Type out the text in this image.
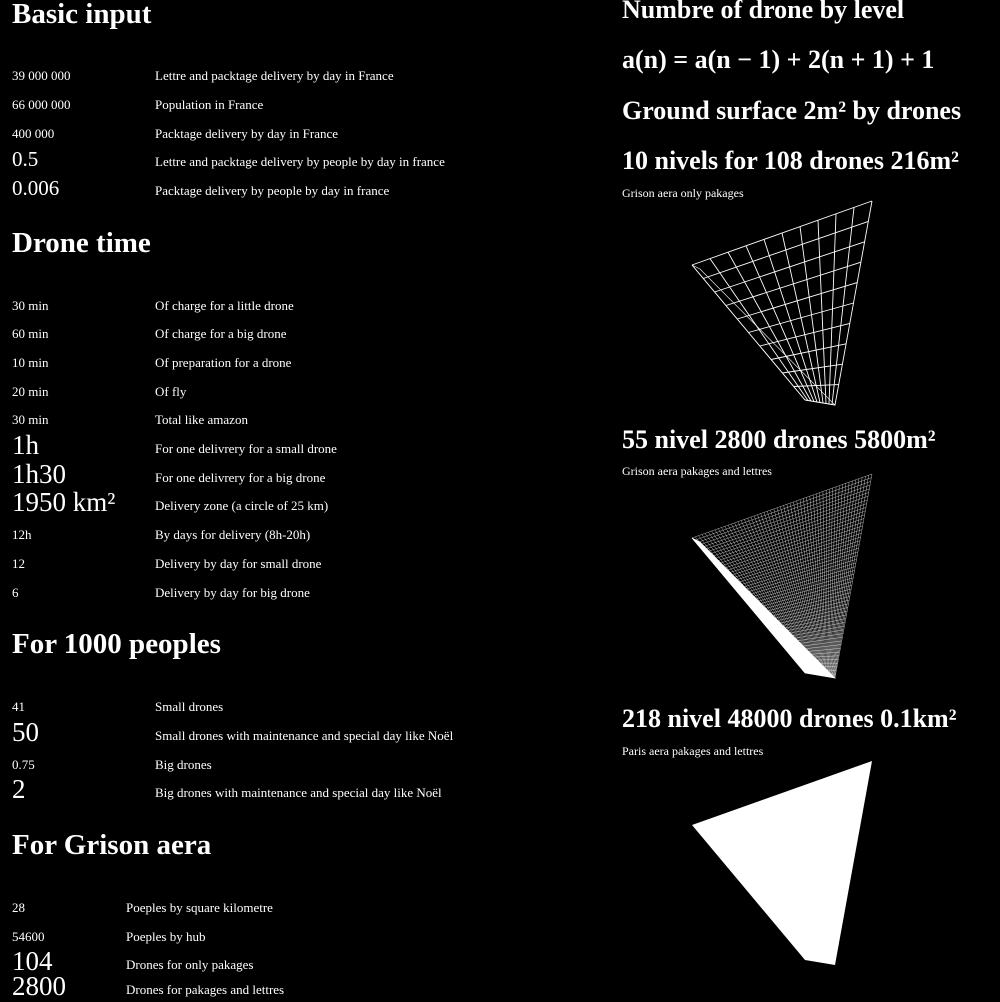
Basic input
39 000 000	Lettre and packtage delivery by day in France
66 000 000	Population in France
400 000	Packtage delivery by day in France
0.5	Lettre and packtage delivery by people by day in france
0.006	Packtage delivery by people by day in france
Drone time
30 min	Of charge for a little drone
60 min	Of charge for a big drone
10 min	Of preparation for a drone
20 min	Of fly
30 min	Total like amazon
1h	For one delivrery for a small drone
1h30	For one delivrery for a big drone
1950 km²	Delivery zone (a circle of 25 km)
12h	By days for delivery (8h-20h)
12	Delivery by day for small drone
6	Delivery by day for big drone
For 1000 peoples
41	Small drones
50	Small drones with maintenance and special day like Noël
0.75	Big drones
2	Big drones with maintenance and special day like Noël
For Grison aera
28	Poeples by square kilometre
54600	Poeples by hub
104	Drones for only pakages
2800	Drones for pakages and lettres
Numbre of drone by level
a(n) = a(n − 1) + 2(n + 1) + 1
Ground surface 2m² by drones
10 nivels for 108 drones 216m²
Grison aera only pakages
55 nivel 2800 drones 5800m²
Grison aera pakages and lettres
218 nivel 48000 drones 0.1km²
Paris aera pakages and lettres
